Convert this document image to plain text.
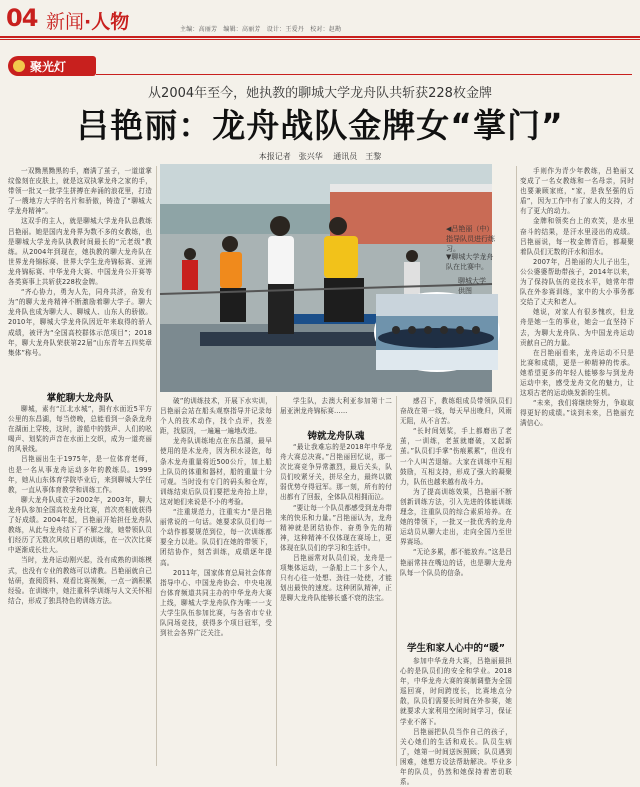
04 新闻·人物	主编：高丽芳　编辑：高丽芳　设计：王爱丹　校对：赵勘
聚光灯
从2004年至今，她执教的聊城大学龙舟队共斩获228枚金牌
吕艳丽：龙舟战队金牌女“掌门”
本报记者　张兴华 通讯员　王黎
◀吕艳丽（中）指导队员进行练习。
▼聊城大学龙舟队在比赛中。
聊城大学　供图

一双黝黑黝黑的手，磨满了茧子，一道道掌纹像刻在皮肤上，就是这双执掌龙舟之家的手，带领一批又一批学生拼搏在奔涌的浪花里，打造了一艘地方大学的名片和骄傲，铸造了“聊城大学龙舟精神”。

这双手的主人，就是聊城大学龙舟队总教练吕艳丽。她是国内龙舟界为数不多的女教练，也是聊城大学龙舟队执教时间最长的“元老级”教练。从2004年到现在，她执教的聊大龙舟队在世界龙舟锦标赛、世界大学生龙舟锦标赛、亚洲龙舟锦标赛、中华龙舟大赛、中国龙舟公开赛等各类赛事上共斩获228枚金牌。

“齐心协力，勇为人先，同舟共济，奋发有为”的聊大龙舟精神不断激励着聊大学子。聊大龙舟队也成为聊大人、聊城人、山东人的骄傲。2010年，聊城大学龙舟队因近年来取得的骄人成绩，被评为“全国高校群体示范项目”；2018年，聊大龙舟队荣获第22届“山东青年五四奖章集体”称号。

掌舵聊大龙舟队

聊城，素有“江北水城”，拥有水面近5平方公里的东昌湖，每当傍晚，总能看到一条条龙舟在湖面上穿梭，这时，游船中的鼓声、人们的吆喝声、划桨的声音在水面上交织，成为一道亮丽的风景线。

吕艳丽出生于1975年，是一位体育老师，也是一名从事龙舟运动多年的教练员。1999年，她从山东体育学院毕业后，来到聊城大学任教，一直从事体育教学和训练工作。

聊大龙舟队成立于2002年，2003年，聊大龙舟队参加全国高校龙舟比赛，首次亮相就获得了好成绩。2004年起，吕艳丽开始担任龙舟队教练，从此与龙舟结下了不解之缘，她带领队员们经历了无数次风吹日晒的训练，在一次次比赛中逐渐成长壮大。

当时，龙舟运动刚兴起，没有成熟的训练模式，也没有专业的教练可以请教。吕艳丽就自己钻研，查阅资料、观看比赛视频，一点一滴积累经验。在训练中，她注重科学训练与人文关怀相结合，形成了独具特色的训练方法。

破”的训练技术，开展下水实训，吕艳丽会站在船头观察指导并记录每个人的技术动作，找个点评，找差距，找原因，一遍遍一遍地改进。

龙舟队训练地点在东昌湖，最早使用的是木龙舟，因为积水浸泡，每条木龙舟重量将近500公斤，加上船上队员的体重和器材，船的重量十分可观。当时没有专门的码头和仓库，训练结束后队员们要把龙舟抬上岸，这对她们来说是不小的考验。

“注重规范力，注重实力”是吕艳丽常说的一句话。她要求队员们每一个动作都要规范到位，每一次训练都要全力以赴。队员们在她的带领下，团结协作，刻苦训练，成绩逐年提高。

2011年，国家体育总局社会体育指导中心、中国龙舟协会、中央电视台体育频道共同主办的中华龙舟大赛上线，聊城大学龙舟队作为唯一一支大学生队伍参加比赛，与各省市专业队同场竞技，获得多个项目冠军，受到社会各界广泛关注。

学生队，去澳大利亚参加第十二届亚洲龙舟锦标赛……

铸就龙舟队魂

“最让我难忘的是2018年中华龙舟大赛总决赛。”吕艳丽回忆说，那一次比赛竞争异常激烈，最后关头，队员们咬紧牙关，拼尽全力，最终以微弱优势夺得冠军。那一刻，所有的付出都有了回报，全体队员相拥而泣。

“要让每一个队员都感受到龙舟带来的快乐和力量。”吕艳丽认为，龙舟精神就是团结协作、奋勇争先的精神，这种精神不仅体现在赛场上，更体现在队员们的学习和生活中。

吕艳丽常对队员们说，龙舟是一项集体运动，一条船上二十多个人，只有心往一处想、劲往一处使，才能划出最快的速度。这种团队精神，正是聊大龙舟队能够长盛不衰的法宝。

感召下，教练组成员带领队员们奋战在第一线，每天早出晚归，风雨无阻，从不言苦。

“长时间划桨，手上都磨出了老茧，一训练，老茧就磨破，又起新茧。”队员们手掌“伤痕累累”，但没有一个人叫苦退缩。大家在训练中互相鼓励，互相支持，形成了强大的凝聚力，队伍也越来越有战斗力。

为了提高训练效果，吕艳丽不断创新训练方法，引入先进的体能训练理念，注重队员的综合素质培养。在她的带领下，一批又一批优秀的龙舟运动员从聊大走出，走向全国乃至世界赛场。

“无论多累，都不能放弃。”这是吕艳丽常挂在嘴边的话，也是聊大龙舟队每一个队员的信条。

学生和家人心中的“暖”

参加中华龙舟大赛，吕艳丽最担心的是队员们的安全和学业。2018年，中华龙舟大赛的赛制调整为全国巡回赛，时间跨度长，比赛地点分散，队员们需要长时间在外参赛，她就要求大家利用空闲时间学习，保证学业不落下。

吕艳丽把队员当作自己的孩子，关心她们的生活和成长。队员生病了，她第一时间送医照顾；队员遇到困难，她想方设法帮助解决。毕业多年的队员，仍然和她保持着密切联系。

手则作为青少年教练，吕艳丽又变成了一名女教练和一名母亲，同时也要兼顾家庭，“家，是我坚强的后盾”，因为工作中有了家人的支持，才有了更大的动力。

金牌和领奖台上的欢笑，是水里奋斗的结果，是汗水里浸出的成绩。吕艳丽说，每一枚金牌背后，都凝聚着队员们无数的汗水和泪水。

2007年，吕艳丽的大儿子出生，公公婆婆帮助带孩子，2014年以来，为了保持队伍的竞技水平，她常年带队在外参赛训练，家中的大小事务都交给了丈夫和老人。

她说，对家人有很多愧疚，但龙舟是她一生的事业，她会一直坚持下去，为聊大龙舟队、为中国龙舟运动贡献自己的力量。

在吕艳丽看来，龙舟运动不只是比赛和成绩，更是一种精神的传承。她希望更多的年轻人能够参与到龙舟运动中来，感受龙舟文化的魅力，让这项古老的运动焕发新的生机。

“未来，我们将继续努力，争取取得更好的成绩。”谈到未来，吕艳丽充满信心。
